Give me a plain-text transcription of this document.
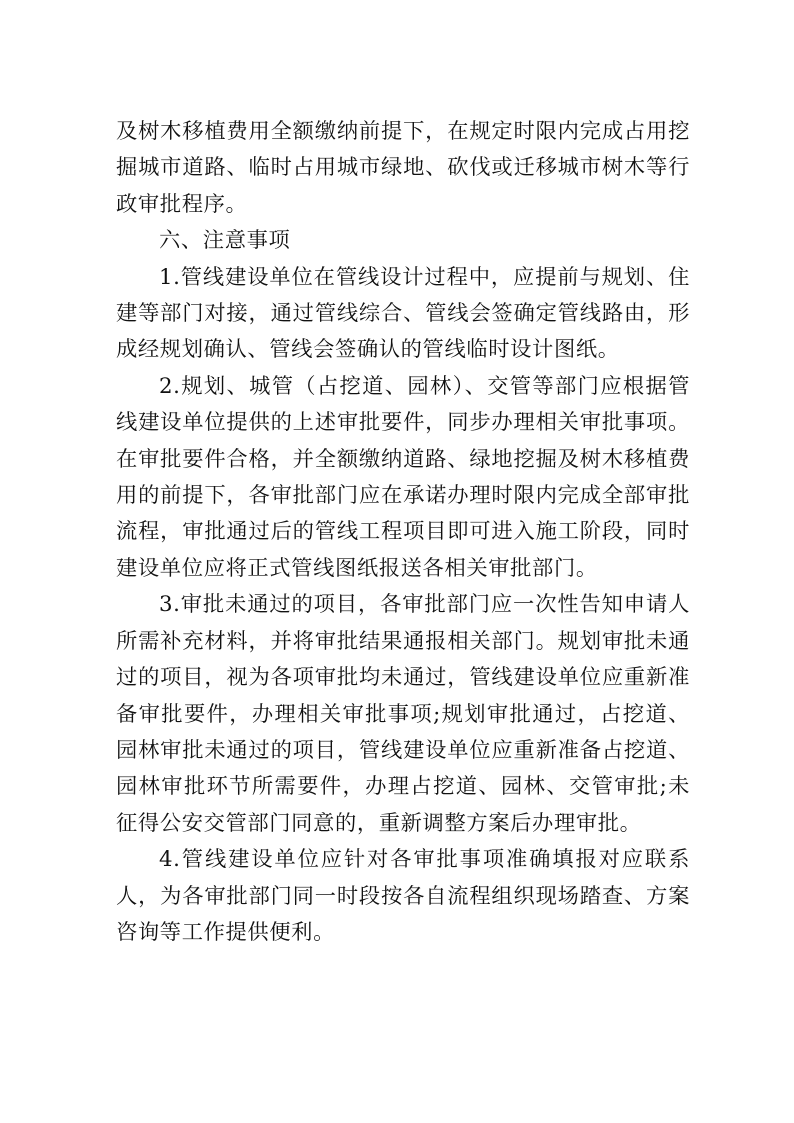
及树木移植费用全额缴纳前提下，在规定时限内完成占用挖掘城市道路、临时占用城市绿地、砍伐或迁移城市树木等行政审批程序。

六、注意事项

1.管线建设单位在管线设计过程中，应提前与规划、住建等部门对接，通过管线综合、管线会签确定管线路由，形成经规划确认、管线会签确认的管线临时设计图纸。

2.规划、城管（占挖道、园林）、交管等部门应根据管线建设单位提供的上述审批要件，同步办理相关审批事项。在审批要件合格，并全额缴纳道路、绿地挖掘及树木移植费用的前提下，各审批部门应在承诺办理时限内完成全部审批流程，审批通过后的管线工程项目即可进入施工阶段，同时建设单位应将正式管线图纸报送各相关审批部门。

3.审批未通过的项目，各审批部门应一次性告知申请人所需补充材料，并将审批结果通报相关部门。规划审批未通过的项目，视为各项审批均未通过，管线建设单位应重新准备审批要件，办理相关审批事项;规划审批通过，占挖道、园林审批未通过的项目，管线建设单位应重新准备占挖道、园林审批环节所需要件，办理占挖道、园林、交管审批;未征得公安交管部门同意的，重新调整方案后办理审批。

4.管线建设单位应针对各审批事项准确填报对应联系人，为各审批部门同一时段按各自流程组织现场踏查、方案咨询等工作提供便利。
